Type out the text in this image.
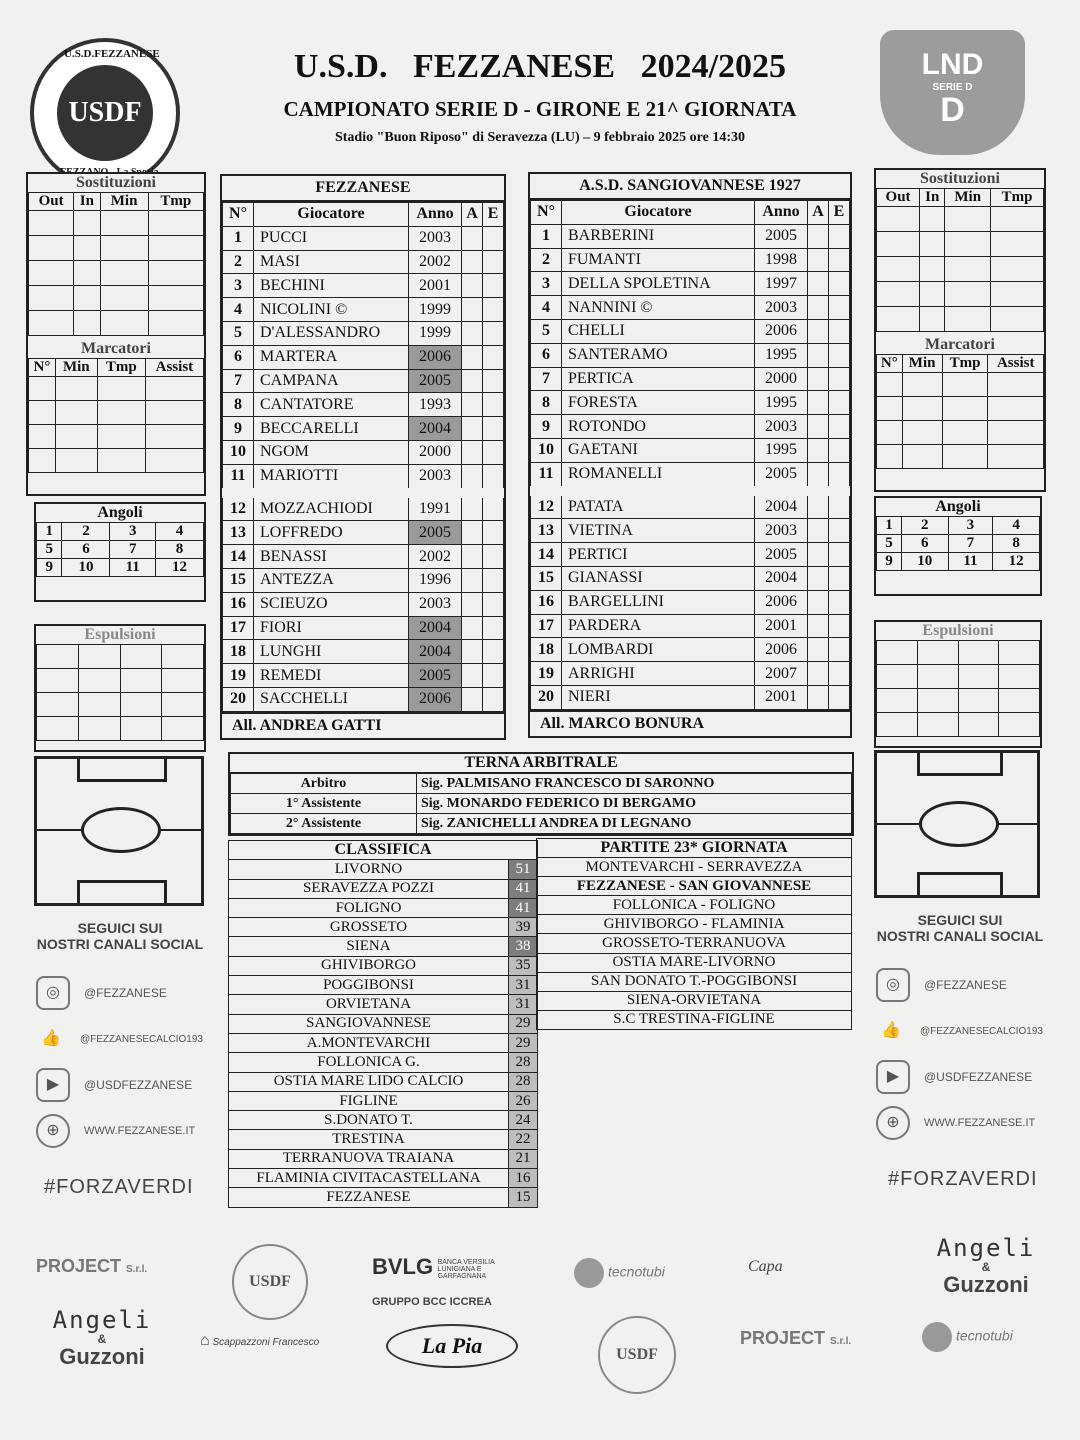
USDF
U.S.D.FEZZANESE	LND
SERIE D
D
U.S.D.   FEZZANESE   2024/2025
CAMPIONATO SERIE D - GIRONE E 21^ GIORNATA
Stadio "Buon Riposo" di Seravezza (LU) – 9 febbraio 2025 ore 14:30
Sostituzioni
Out	In	Min	Tmp

Marcatori
N°	Min	Tmp	Assist

Angoli
1	2	3	4
5	6	7	8
9	10	11	12
Espulsioni

Sostituzioni
Out	In	Min	Tmp

Marcatori
N°	Min	Tmp	Assist

Angoli
1	2	3	4
5	6	7	8
9	10	11	12
Espulsioni

FEZZANESE
N°	Giocatore	Anno	A	E
1	PUCCI	2003		
2	MASI	2002		
3	BECHINI	2001		
4	NICOLINI ©	1999		
5	D'ALESSANDRO	1999		
6	MARTERA	2006		
7	CAMPANA	2005		
8	CANTATORE	1993		
9	BECCARELLI	2004		
10	NGOM	2000		
11	MARIOTTI	2003		
12	MOZZACHIODI	1991		
13	LOFFREDO	2005		
14	BENASSI	2002		
15	ANTEZZA	1996		
16	SCIEUZO	2003		
17	FIORI	2004		
18	LUNGHI	2004		
19	REMEDI	2005		
20	SACCHELLI	2006		
All. ANDREA GATTI
A.S.D. SANGIOVANNESE 1927
N°	Giocatore	Anno	A	E
1	BARBERINI	2005		
2	FUMANTI	1998		
3	DELLA SPOLETINA	1997		
4	NANNINI ©	2003		
5	CHELLI	2006		
6	SANTERAMO	1995		
7	PERTICA	2000		
8	FORESTA	1995		
9	ROTONDO	2003		
10	GAETANI	1995		
11	ROMANELLI	2005		
12	PATATA	2004		
13	VIETINA	2003		
14	PERTICI	2005		
15	GIANASSI	2004		
16	BARGELLINI	2006		
17	PARDERA	2001		
18	LOMBARDI	2006		
19	ARRIGHI	2007		
20	NIERI	2001		
All. MARCO BONURA
TERNA ARBITRALE
Arbitro	Sig. PALMISANO FRANCESCO DI SARONNO
1° Assistente	Sig. MONARDO FEDERICO DI BERGAMO
2° Assistente	Sig. ZANICHELLI ANDREA DI LEGNANO
CLASSIFICA	
LIVORNO	51
SERAVEZZA POZZI	41
FOLIGNO	41
GROSSETO	39
SIENA	38
GHIVIBORGO	35
POGGIBONSI	31
ORVIETANA	31
SANGIOVANNESE	29
A.MONTEVARCHI	29
FOLLONICA G.	28
OSTIA MARE LIDO CALCIO	28
FIGLINE	26
S.DONATO T.	24
TRESTINA	22
TERRANUOVA TRAIANA	21
FLAMINIA CIVITACASTELLANA	16
FEZZANESE	15
PARTITE 23* GIORNATA
MONTEVARCHI - SERRAVEZZA
FEZZANESE - SAN GIOVANNESE
FOLLONICA - FOLIGNO
GHIVIBORGO - FLAMINIA
GROSSETO-TERRANUOVA
OSTIA MARE-LIVORNO
SAN DONATO T.-POGGIBONSI
SIENA-ORVIETANA
S.C TRESTINA-FIGLINE
SEGUICI SUI
NOSTRI CANALI SOCIAL
◎	@FEZZANESE
👍	@FEZZANESECALCIO193
▶	@USDFEZZANESE
⊕	WWW.FEZZANESE.IT
#FORZAVERDI
SEGUICI SUI
NOSTRI CANALI SOCIAL
◎	@FEZZANESE
👍	@FEZZANESECALCIO193
▶	@USDFEZZANESE
⊕	WWW.FEZZANESE.IT
#FORZAVERDI
PROJECT S.r.l.
USDF
BVLG BANCA VERSILIA LUNIGIANA E GARFAGNANA
GRUPPO BCC ICCREA
tecnotubi	Capa
Angeli
&
Guzzoni
Angeli
&
Guzzoni
⌂ Scappazzoni Francesco	La Pia	USDF
PROJECT S.r.l.	tecnotubi
